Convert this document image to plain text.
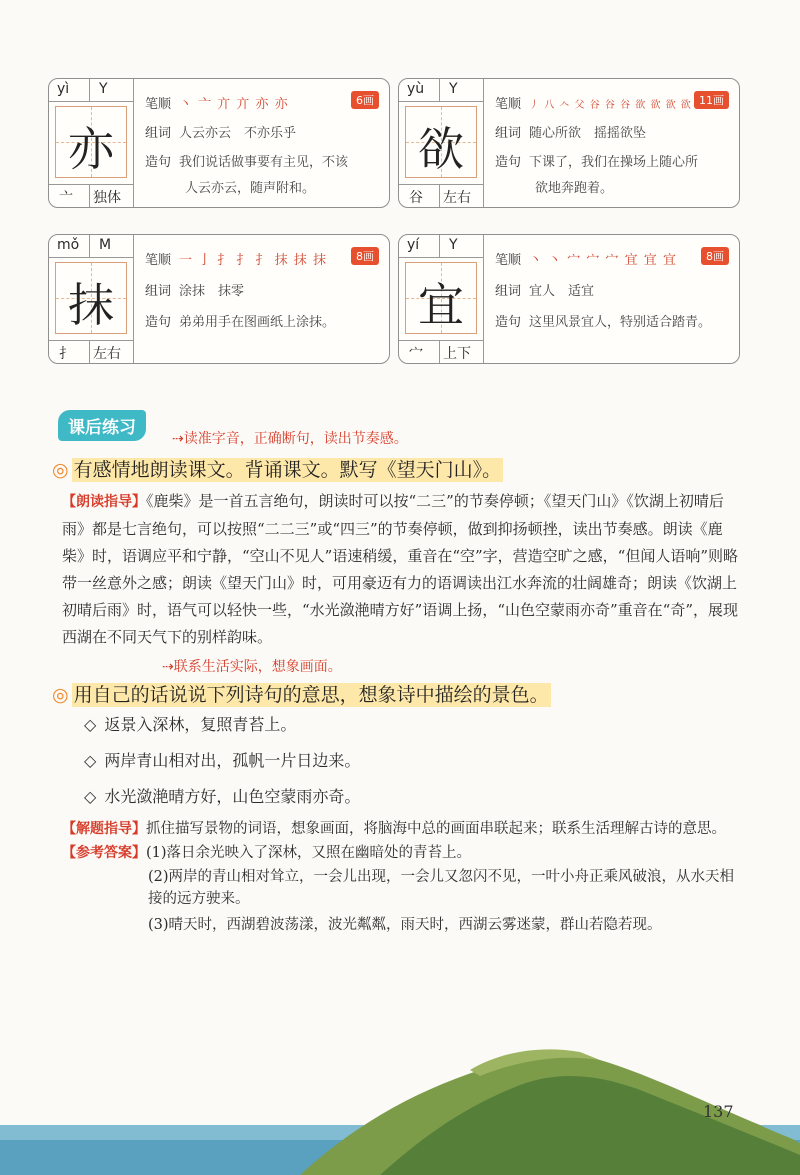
yì Y
亦
亠 独体
笔顺 丶 亠 亣 亣 亦 亦	6画
组词 人云亦云　不亦乐乎
造句 我们说话做事要有主见，不该
人云亦云，随声附和。
yù Y
欲
谷 左右
笔顺 丿 八 𠆢 父 谷 谷 谷 欲 欲 欲 欲 11画
组词 随心所欲　摇摇欲坠
造句 下课了，我们在操场上随心所
欲地奔跑着。
mǒ M
抹
扌 左右
笔顺 一 亅 扌 扌 扌 抹 抹 抹	8画
组词 涂抹　抹零
造句 弟弟用手在图画纸上涂抹。
yí Y
宜
宀 上下
笔顺 丶 丶 宀 宀 宀 宜 宜 宜	8画
组词 宜人　适宜
造句 这里风景宜人，特别适合踏青。
课后练习
⇢读准字音，正确断句，读出节奏感。
◎ 有感情地朗读课文。背诵课文。默写《望天门山》。
【朗读指导】《鹿柴》是一首五言绝句，朗读时可以按“二三”的节奏停顿；《望天门山》《饮湖上初晴后雨》都是七言绝句，可以按照“二二三”或“四三”的节奏停顿，做到抑扬顿挫，读出节奏感。朗读《鹿柴》时，语调应平和宁静，“空山不见人”语速稍缓，重音在“空”字，营造空旷之感，“但闻人语响”则略带一丝意外之感；朗读《望天门山》时，可用豪迈有力的语调读出江水奔流的壮阔雄奇；朗读《饮湖上初晴后雨》时，语气可以轻快一些，“水光潋滟晴方好”语调上扬，“山色空蒙雨亦奇”重音在“奇”，展现西湖在不同天气下的别样韵味。
⇢联系生活实际，想象画面。
◎ 用自己的话说说下列诗句的意思，想象诗中描绘的景色。
◇ 返景入深林，复照青苔上。
◇ 两岸青山相对出，孤帆一片日边来。
◇ 水光潋滟晴方好，山色空蒙雨亦奇。
【解题指导】抓住描写景物的词语，想象画面，将脑海中总的画面串联起来；联系生活理解古诗的意思。
【参考答案】(1)落日余光映入了深林，又照在幽暗处的青苔上。
(2)两岸的青山相对耸立，一会儿出现，一会儿又忽闪不见，一叶小舟正乘风破浪，从水天相接的远方驶来。
(3)晴天时，西湖碧波荡漾，波光粼粼，雨天时，西湖云雾迷蒙，群山若隐若现。
137
